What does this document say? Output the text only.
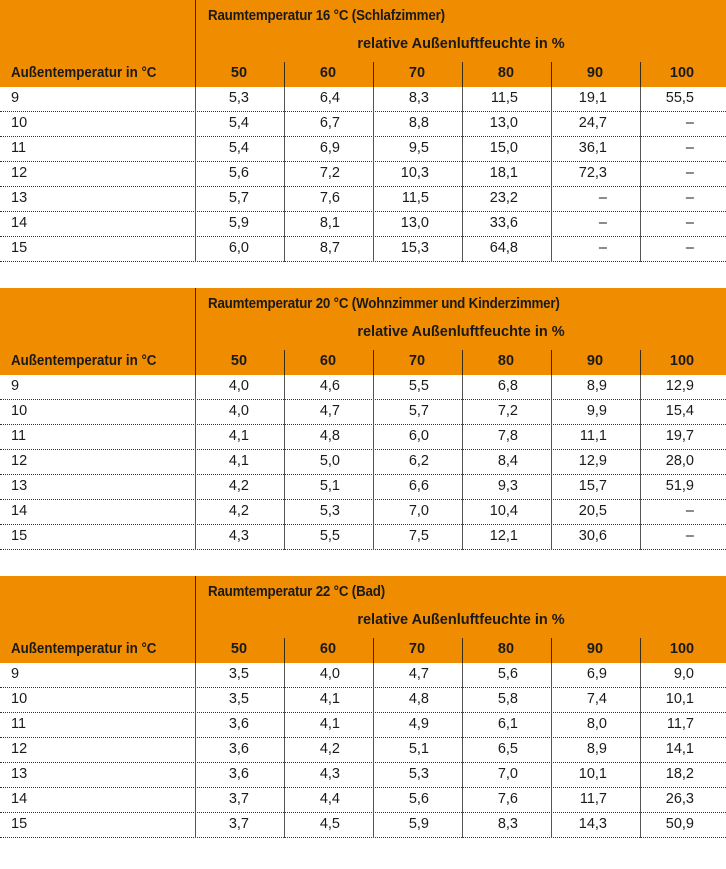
Raumtemperatur 16 °C (Schlafzimmer)
relative Außenluftfeuchte in %
Außentemperatur in °C	50	60	70	80	90	100
9	5,3	6,4	8,3	11,5	19,1	55,5
10	5,4	6,7	8,8	13,0	24,7	–
11	5,4	6,9	9,5	15,0	36,1	–
12	5,6	7,2	10,3	18,1	72,3	–
13	5,7	7,6	11,5	23,2	–	–
14	5,9	8,1	13,0	33,6	–	–
15	6,0	8,7	15,3	64,8	–	–
Raumtemperatur 20 °C (Wohnzimmer und Kinderzimmer)
relative Außenluftfeuchte in %
Außentemperatur in °C	50	60	70	80	90	100
9	4,0	4,6	5,5	6,8	8,9	12,9
10	4,0	4,7	5,7	7,2	9,9	15,4
11	4,1	4,8	6,0	7,8	11,1	19,7
12	4,1	5,0	6,2	8,4	12,9	28,0
13	4,2	5,1	6,6	9,3	15,7	51,9
14	4,2	5,3	7,0	10,4	20,5	–
15	4,3	5,5	7,5	12,1	30,6	–
Raumtemperatur 22 °C (Bad)
relative Außenluftfeuchte in %
Außentemperatur in °C	50	60	70	80	90	100
9	3,5	4,0	4,7	5,6	6,9	9,0
10	3,5	4,1	4,8	5,8	7,4	10,1
11	3,6	4,1	4,9	6,1	8,0	11,7
12	3,6	4,2	5,1	6,5	8,9	14,1
13	3,6	4,3	5,3	7,0	10,1	18,2
14	3,7	4,4	5,6	7,6	11,7	26,3
15	3,7	4,5	5,9	8,3	14,3	50,9
